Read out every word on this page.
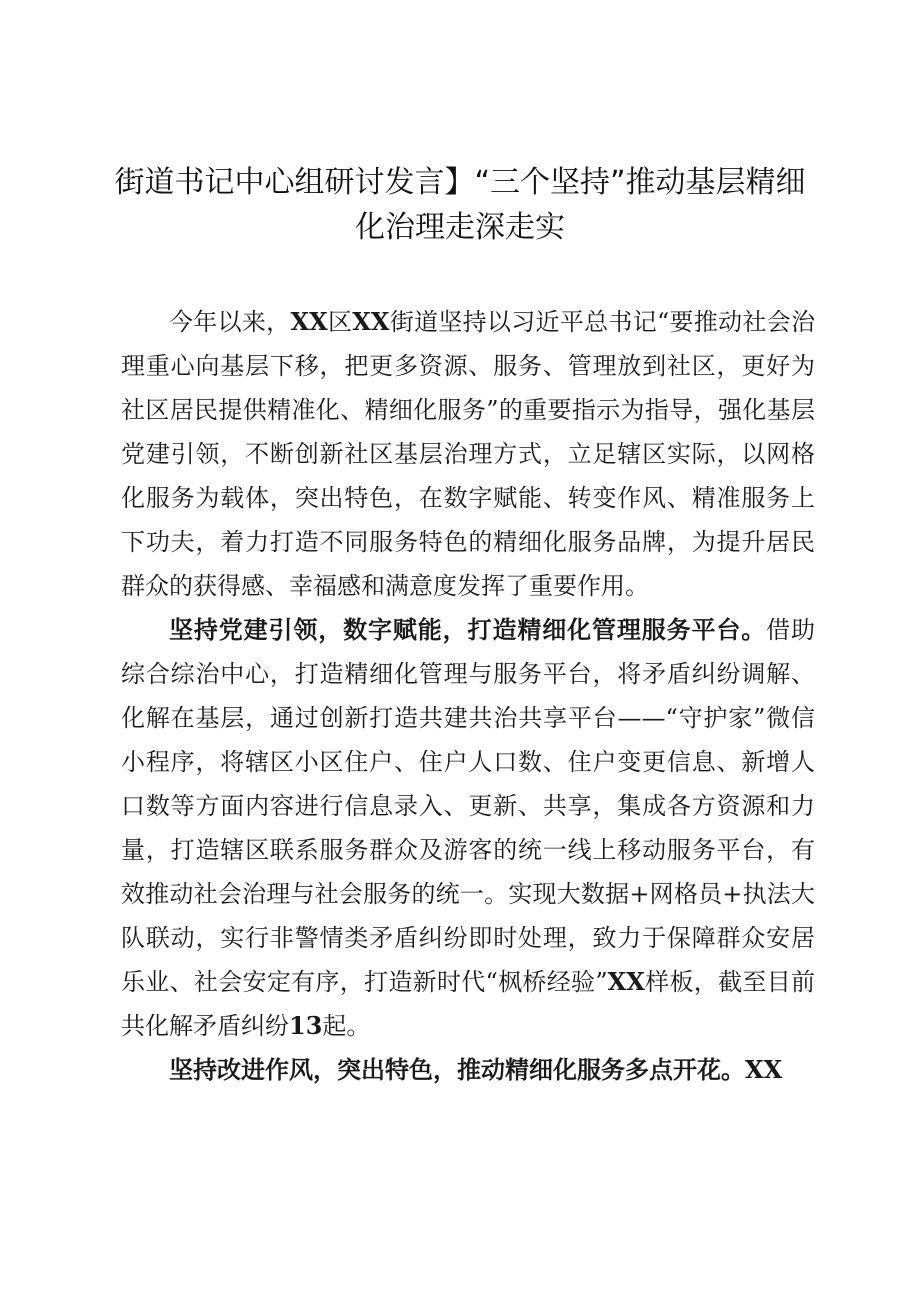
街道书记中心组研讨发言】“三个坚持”推动基层精细化治理走深走实

今年以来，XX区XX街道坚持以习近平总书记“要推动社会治理重心向基层下移，把更多资源、服务、管理放到社区，更好为社区居民提供精准化、精细化服务”的重要指示为指导，强化基层党建引领，不断创新社区基层治理方式，立足辖区实际，以网格化服务为载体，突出特色，在数字赋能、转变作风、精准服务上下功夫，着力打造不同服务特色的精细化服务品牌，为提升居民群众的获得感、幸福感和满意度发挥了重要作用。

坚持党建引领，数字赋能，打造精细化管理服务平台。借助综合综治中心，打造精细化管理与服务平台，将矛盾纠纷调解、化解在基层，通过创新打造共建共治共享平台——“守护家”微信小程序，将辖区小区住户、住户人口数、住户变更信息、新增人口数等方面内容进行信息录入、更新、共享，集成各方资源和力量，打造辖区联系服务群众及游客的统一线上移动服务平台，有效推动社会治理与社会服务的统一。实现大数据+网格员+执法大队联动，实行非警情类矛盾纠纷即时处理，致力于保障群众安居乐业、社会安定有序，打造新时代“枫桥经验”XX样板，截至目前共化解矛盾纠纷13起。

坚持改进作风，突出特色，推动精细化服务多点开花。XX
